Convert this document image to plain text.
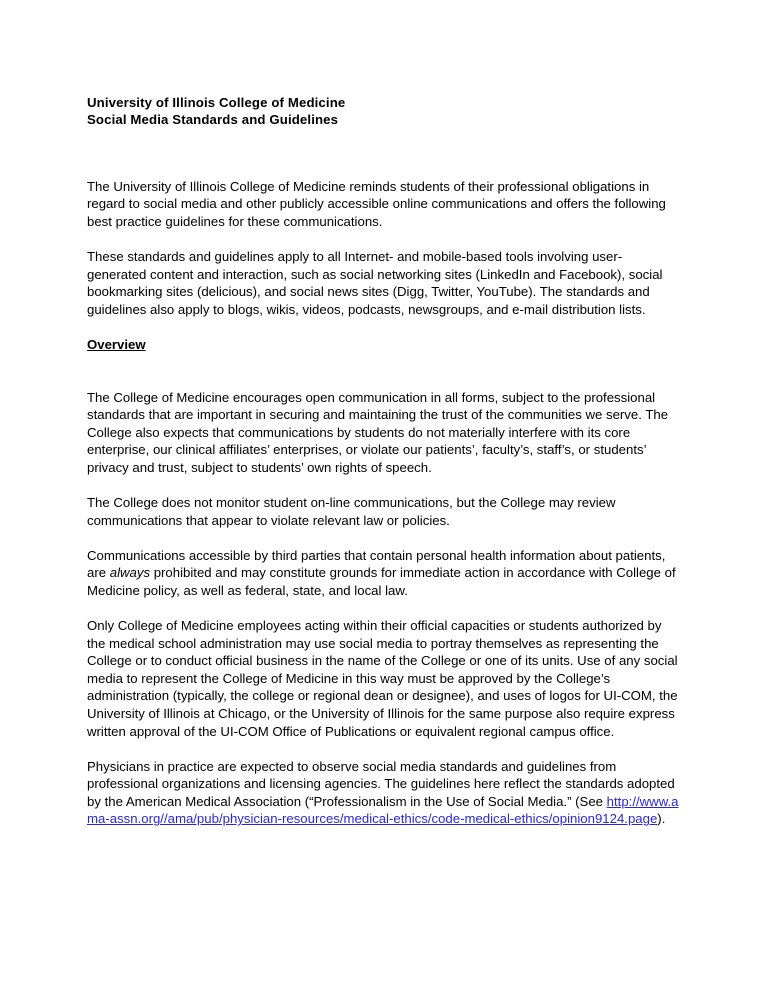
University of Illinois College of Medicine
Social Media Standards and Guidelines

The University of Illinois College of Medicine reminds students of their professional obligations in regard to social media and other publicly accessible online communications and offers the following best practice guidelines for these communications.

These standards and guidelines apply to all Internet- and mobile-based tools involving user-generated content and interaction, such as social networking sites (LinkedIn and Facebook), social bookmarking sites (delicious), and social news sites (Digg, Twitter, YouTube). The standards and guidelines also apply to blogs, wikis, videos, podcasts, newsgroups, and e-mail distribution lists.

Overview

The College of Medicine encourages open communication in all forms, subject to the professional standards that are important in securing and maintaining the trust of the communities we serve. The College also expects that communications by students do not materially interfere with its core enterprise, our clinical affiliates’ enterprises, or violate our patients’, faculty’s, staff’s, or students’ privacy and trust, subject to students’ own rights of speech.

The College does not monitor student on-line communications, but the College may review communications that appear to violate relevant law or policies.

Communications accessible by third parties that contain personal health information about patients, are always prohibited and may constitute grounds for immediate action in accordance with College of Medicine policy, as well as federal, state, and local law.

Only College of Medicine employees acting within their official capacities or students authorized by the medical school administration may use social media to portray themselves as representing the College or to conduct official business in the name of the College or one of its units. Use of any social media to represent the College of Medicine in this way must be approved by the College’s administration (typically, the college or regional dean or designee), and uses of logos for UI-COM, the University of Illinois at Chicago, or the University of Illinois for the same purpose also require express written approval of the UI-COM Office of Publications or equivalent regional campus office.

Physicians in practice are expected to observe social media standards and guidelines from professional organizations and licensing agencies. The guidelines here reflect the standards adopted by the American Medical Association (“Professionalism in the Use of Social Media.” (See http://www.ama-assn.org//ama/pub/physician-resources/medical-ethics/code-medical-ethics/opinion9124.page).
